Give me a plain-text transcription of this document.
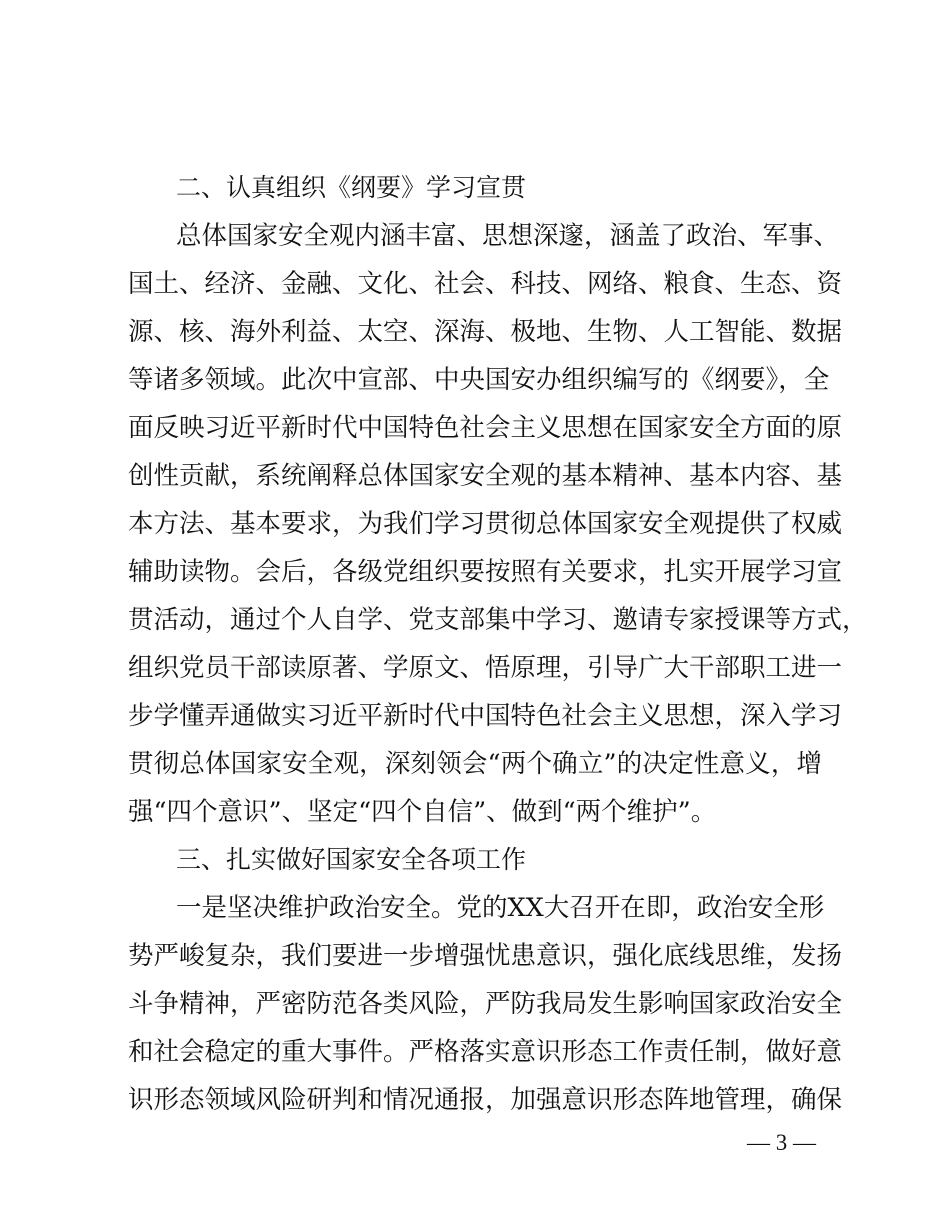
二、认真组织《纲要》学习宣贯
总体国家安全观内涵丰富、思想深邃，涵盖了政治、军事、
国土、经济、金融、文化、社会、科技、网络、粮食、生态、资
源、核、海外利益、太空、深海、极地、生物、人工智能、数据
等诸多领域。此次中宣部、中央国安办组织编写的《纲要》，全
面反映习近平新时代中国特色社会主义思想在国家安全方面的原
创性贡献，系统阐释总体国家安全观的基本精神、基本内容、基
本方法、基本要求，为我们学习贯彻总体国家安全观提供了权威
辅助读物。会后，各级党组织要按照有关要求，扎实开展学习宣
贯活动，通过个人自学、党支部集中学习、邀请专家授课等方式，
组织党员干部读原著、学原文、悟原理，引导广大干部职工进一
步学懂弄通做实习近平新时代中国特色社会主义思想，深入学习
贯彻总体国家安全观，深刻领会“两个确立”的决定性意义，增
强“四个意识”、坚定“四个自信”、做到“两个维护”。
三、扎实做好国家安全各项工作
一是坚决维护政治安全。党的XX大召开在即，政治安全形
势严峻复杂，我们要进一步增强忧患意识，强化底线思维，发扬
斗争精神，严密防范各类风险，严防我局发生影响国家政治安全
和社会稳定的重大事件。严格落实意识形态工作责任制，做好意
识形态领域风险研判和情况通报，加强意识形态阵地管理，确保
— 3 —
